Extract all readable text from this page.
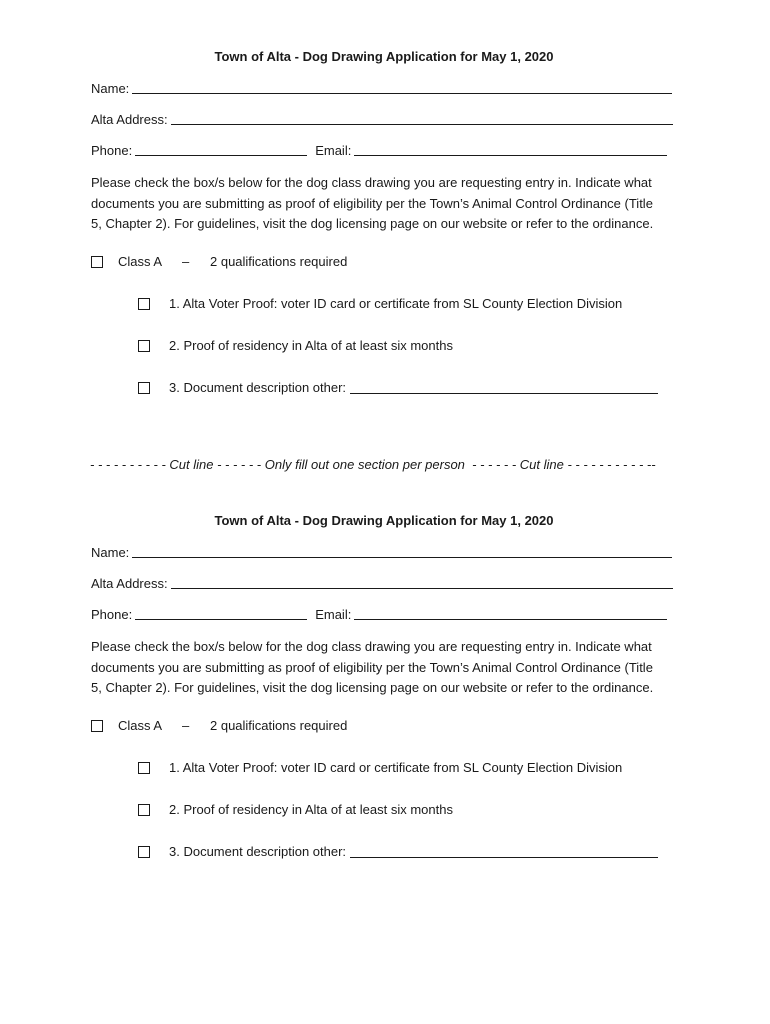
Town of Alta - Dog Drawing Application for May 1, 2020
Name:
Alta Address:
Phone:	Email:
Please check the box/s below for the dog class drawing you are requesting entry in. Indicate what documents you are submitting as proof of eligibility per the Town’s Animal Control Ordinance (Title 5, Chapter 2). For guidelines, visit the dog licensing page on our website or refer to the ordinance.
Class A	–	2 qualifications required
1. Alta Voter Proof: voter ID card or certificate from SL County Election Division
2. Proof of residency in Alta of at least six months
3. Document description other:
- - - - - - - - - - Cut line - - - - - - Only fill out one section per person  - - - - - - Cut line - - - - - - - - - - --
Town of Alta - Dog Drawing Application for May 1, 2020
Name:
Alta Address:
Phone:	Email:
Please check the box/s below for the dog class drawing you are requesting entry in. Indicate what documents you are submitting as proof of eligibility per the Town’s Animal Control Ordinance (Title 5, Chapter 2). For guidelines, visit the dog licensing page on our website or refer to the ordinance.
Class A	–	2 qualifications required
1. Alta Voter Proof: voter ID card or certificate from SL County Election Division
2. Proof of residency in Alta of at least six months
3. Document description other:
